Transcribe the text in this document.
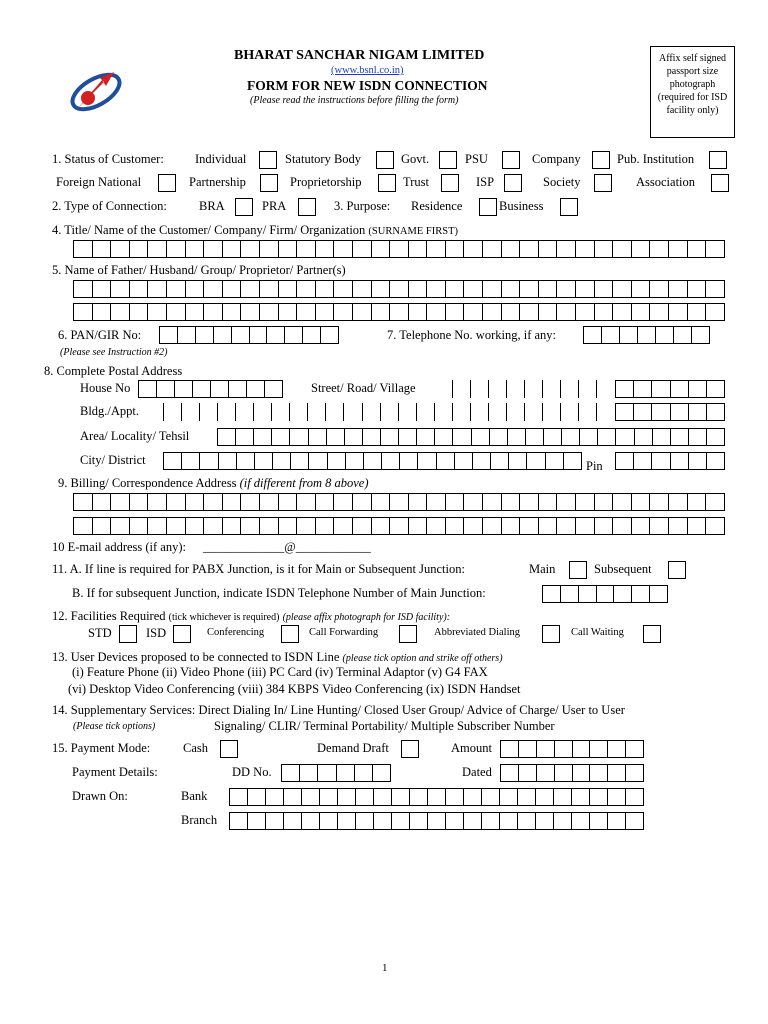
BHARAT SANCHAR NIGAM LIMITED
(www.bsnl.co.in)
FORM FOR NEW ISDN CONNECTION
(Please read the instructions before filling the form)
Affix self signed passport size photograph (required for ISD facility only)
1. Status of Customer: Individual	Statutory Body	Govt.	PSU	Company	Pub. Institution
Foreign National	Partnership	Proprietorship	Trust	ISP	Society	Association
2. Type of Connection:	BRA	PRA	3. Purpose: Residence	Business
4. Title/ Name of the Customer/ Company/ Firm/ Organization (SURNAME FIRST)
5. Name of Father/ Husband/ Group/ Proprietor/ Partner(s)
6. PAN/GIR No:
(Please see Instruction #2)
7. Telephone No. working, if any:
8. Complete Postal Address
House No	Street/ Road/ Village
Bldg./Appt.
Area/ Locality/ Tehsil
City/ District	Pin
9. Billing/ Correspondence Address (if different from 8 above)
10 E-mail address (if any): _____________@____________
11. A. If line is required for PABX Junction, is it for Main or Subsequent Junction:	Main	Subsequent
B. If for subsequent Junction, indicate ISDN Telephone Number of Main Junction:
12. Facilities Required (tick whichever is required) (please affix photograph for ISD facility):
STD	ISD	Conferencing	Call Forwarding	Abbreviated Dialing	Call Waiting
13. User Devices proposed to be connected to ISDN Line (please tick option and strike off others)
(i) Feature Phone (ii) Video Phone (iii) PC Card (iv) Terminal Adaptor (v) G4 FAX
(vi) Desktop Video Conferencing (viii) 384 KBPS Video Conferencing (ix) ISDN Handset
14. Supplementary Services: Direct Dialing In/ Line Hunting/ Closed User Group/ Advice of Charge/ User to User
(Please tick options)	Signaling/ CLIR/ Terminal Portability/ Multiple Subscriber Number
15. Payment Mode:	Cash	Demand Draft	Amount
Payment Details:	DD No.	Dated
Drawn On:	Bank
Branch
1
